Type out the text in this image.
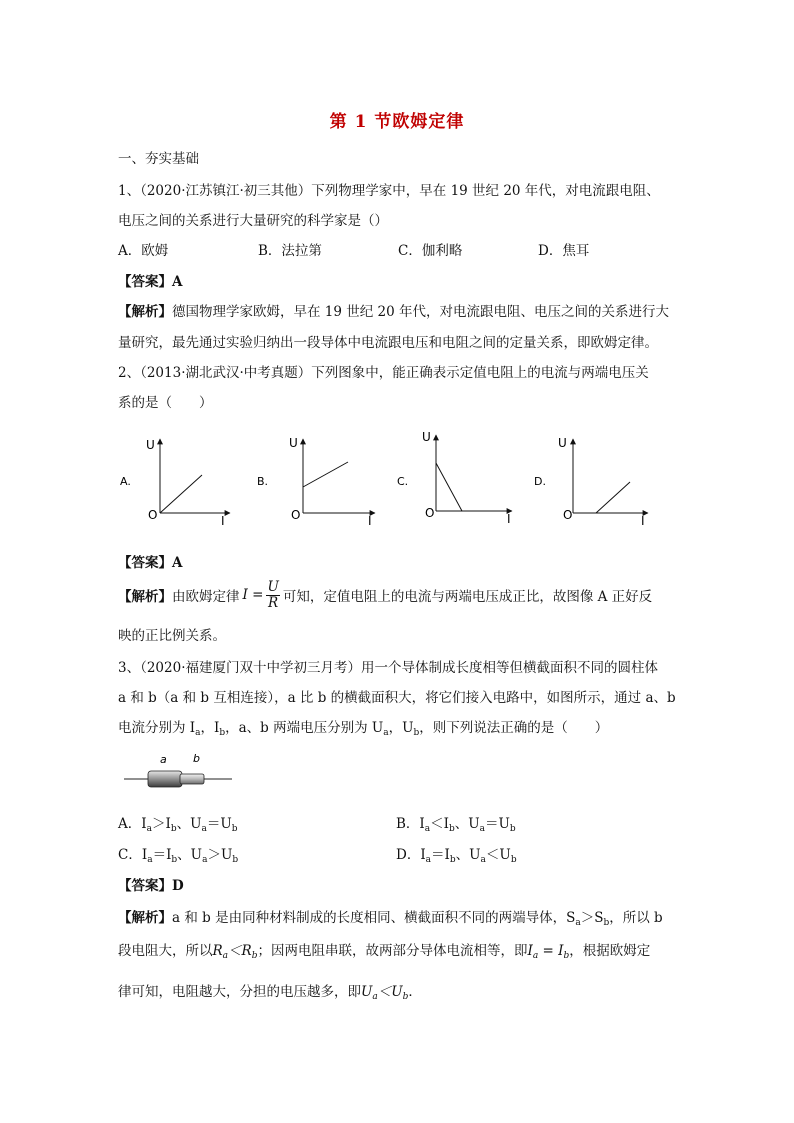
第 1 节欧姆定律
一、夯实基础
1、（2020·江苏镇江·初三其他）下列物理学家中，早在 19 世纪 20 年代，对电流跟电阻、
电压之间的关系进行大量研究的科学家是（）
A．欧姆	B．法拉第	C．伽利略	D．焦耳
【答案】A
【解析】德国物理学家欧姆，早在 19 世纪 20 年代，对电流跟电阻、电压之间的关系进行大
量研究，最先通过实验归纳出一段导体中电流跟电压和电阻之间的定量关系，即欧姆定律。
2、（2013·湖北武汉·中考真题）下列图象中，能正确表示定值电阻上的电流与两端电压关
系的是（　　）
A.
U
O	I
B.
U
O	I
C.
U
O	I
D.
U
O	I
【答案】A
【解析】 由欧姆定律 $I = \frac{U}{R}$ 可知，定值电阻上的电流与两端电压成正比，故图像 A 正好反
映的正比例关系。
3、（2020·福建厦门双十中学初三月考）用一个导体制成长度相等但横截面积不同的圆柱体
a 和 b（a 和 b 互相连接），a 比 b 的横截面积大，将它们接入电路中，如图所示，通过 a、b
电流分别为 $I_a$，$I_b$，a、b 两端电压分别为 $U_a$，$U_b$，则下列说法正确的是（　　）
a b
A．$I_a>I_b$、$U_a=U_b$	B．$I_a<I_b$、$U_a=U_b$
C．$I_a=I_b$、$U_a>U_b$	D．$I_a=I_b$、$U_a<U_b$
【答案】D
【解析】a 和 b 是由同种材料制成的长度相同、横截面积不同的两端导体，$S_a>S_b$，所以 b
段电阻大，所以$R_a<R_b$；因两电阻串联，故两部分导体电流相等，即$I_a = I_b$，根据欧姆定
律可知，电阻越大，分担的电压越多，即$U_a<U_b$．
